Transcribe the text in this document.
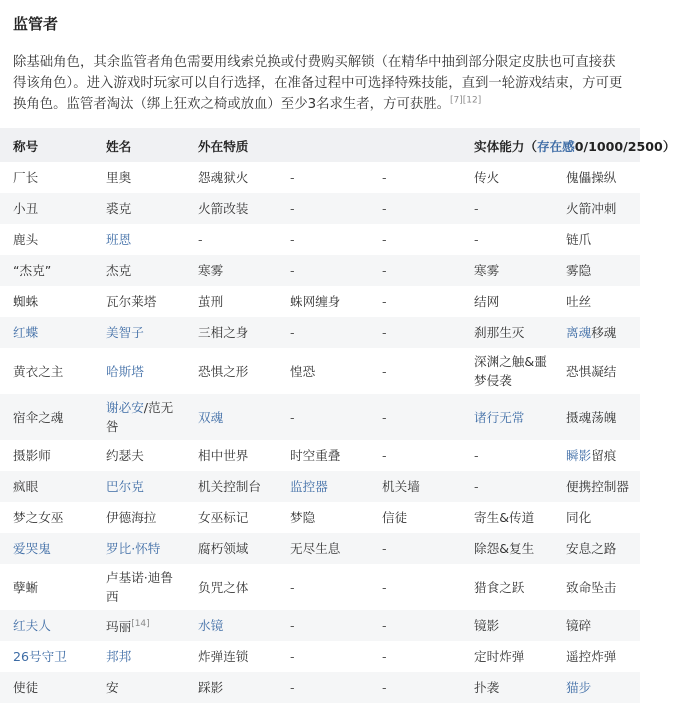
监管者
除基础角色，其余监管者角色需要用线索兑换或付费购买解锁（在精华中抽到部分限定皮肤也可直接获得该角色）。进入游戏时玩家可以自行选择，在准备过程中可选择特殊技能，直到一轮游戏结束，方可更换角色。监管者淘汰（绑上狂欢之椅或放血）至少3名求生者，方可获胜。[7][12]
称号	姓名	外在特质			实体能力（存在感0/1000/2500）	
厂长	里奥	怨魂狱火	-	-	传火	傀儡操纵
小丑	裘克	火箭改装	-	-	-	火箭冲刺
鹿头	班恩	-	-	-	-	链爪
“杰克”	杰克	寒雾	-	-	寒雾	雾隐
蜘蛛	瓦尔莱塔	茧刑	蛛网缠身	-	结网	吐丝
红蝶	美智子	三相之身	-	-	刹那生灭	离魂移魂
黄衣之主	哈斯塔	恐惧之形	惶恐	-	深渊之触&噩梦侵袭	恐惧凝结
宿伞之魂	谢必安/范无咎	双魂	-	-	诸行无常	摄魂荡魄
摄影师	约瑟夫	相中世界	时空重叠	-	-	瞬影留痕
疯眼	巴尔克	机关控制台	监控器	机关墙	-	便携控制器
梦之女巫	伊德海拉	女巫标记	梦隐	信徒	寄生&传道	同化
爱哭鬼	罗比·怀特	腐朽领域	无尽生息	-	除怨&复生	安息之路
孽蜥	卢基诺·迪鲁西	负咒之体	-	-	猎食之跃	致命坠击
红夫人	玛丽[14]	水镜	-	-	镜影	镜碎
26号守卫	邦邦	炸弹连锁	-	-	定时炸弹	遥控炸弹
使徒	安	踩影	-	-	扑袭	猫步
